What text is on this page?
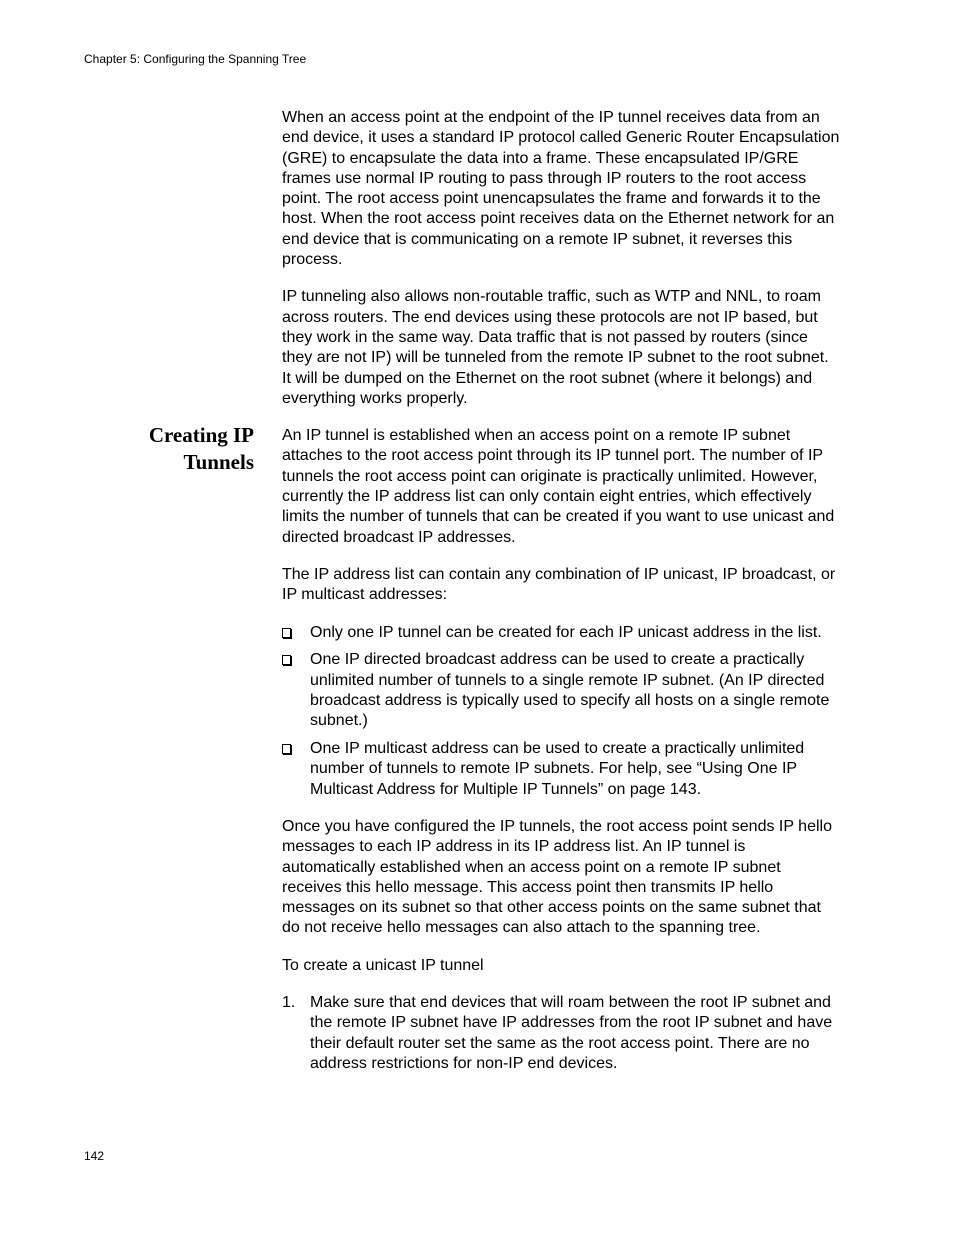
Chapter 5: Configuring the Spanning Tree

When an access point at the endpoint of the IP tunnel receives data from an end device, it uses a standard IP protocol called Generic Router Encapsulation (GRE) to encapsulate the data into a frame. These encapsulated IP/GRE frames use normal IP routing to pass through IP routers to the root access point. The root access point unencapsulates the frame and forwards it to the host. When the root access point receives data on the Ethernet network for an end device that is communicating on a remote IP subnet, it reverses this process.

IP tunneling also allows non-routable traffic, such as WTP and NNL, to roam across routers. The end devices using these protocols are not IP based, but they work in the same way. Data traffic that is not passed by routers (since they are not IP) will be tunneled from the remote IP subnet to the root subnet. It will be dumped on the Ethernet on the root subnet (where it belongs) and everything works properly.

Creating IP
Tunnels

An IP tunnel is established when an access point on a remote IP subnet attaches to the root access point through its IP tunnel port. The number of IP tunnels the root access point can originate is practically unlimited. However, currently the IP address list can only contain eight entries, which effectively limits the number of tunnels that can be created if you want to use unicast and directed broadcast IP addresses.

The IP address list can contain any combination of IP unicast, IP broadcast, or IP multicast addresses:

Only one IP tunnel can be created for each IP unicast address in the list.
One IP directed broadcast address can be used to create a practically unlimited number of tunnels to a single remote IP subnet. (An IP directed broadcast address is typically used to specify all hosts on a single remote subnet.)
One IP multicast address can be used to create a practically unlimited number of tunnels to remote IP subnets. For help, see “Using One IP Multicast Address for Multiple IP Tunnels” on page 143.

Once you have configured the IP tunnels, the root access point sends IP hello messages to each IP address in its IP address list. An IP tunnel is automatically established when an access point on a remote IP subnet receives this hello message. This access point then transmits IP hello messages on its subnet so that other access points on the same subnet that do not receive hello messages can also attach to the spanning tree.

To create a unicast IP tunnel

1. Make sure that end devices that will roam between the root IP subnet and the remote IP subnet have IP addresses from the root IP subnet and have their default router set the same as the root access point. There are no address restrictions for non-IP end devices.
142
